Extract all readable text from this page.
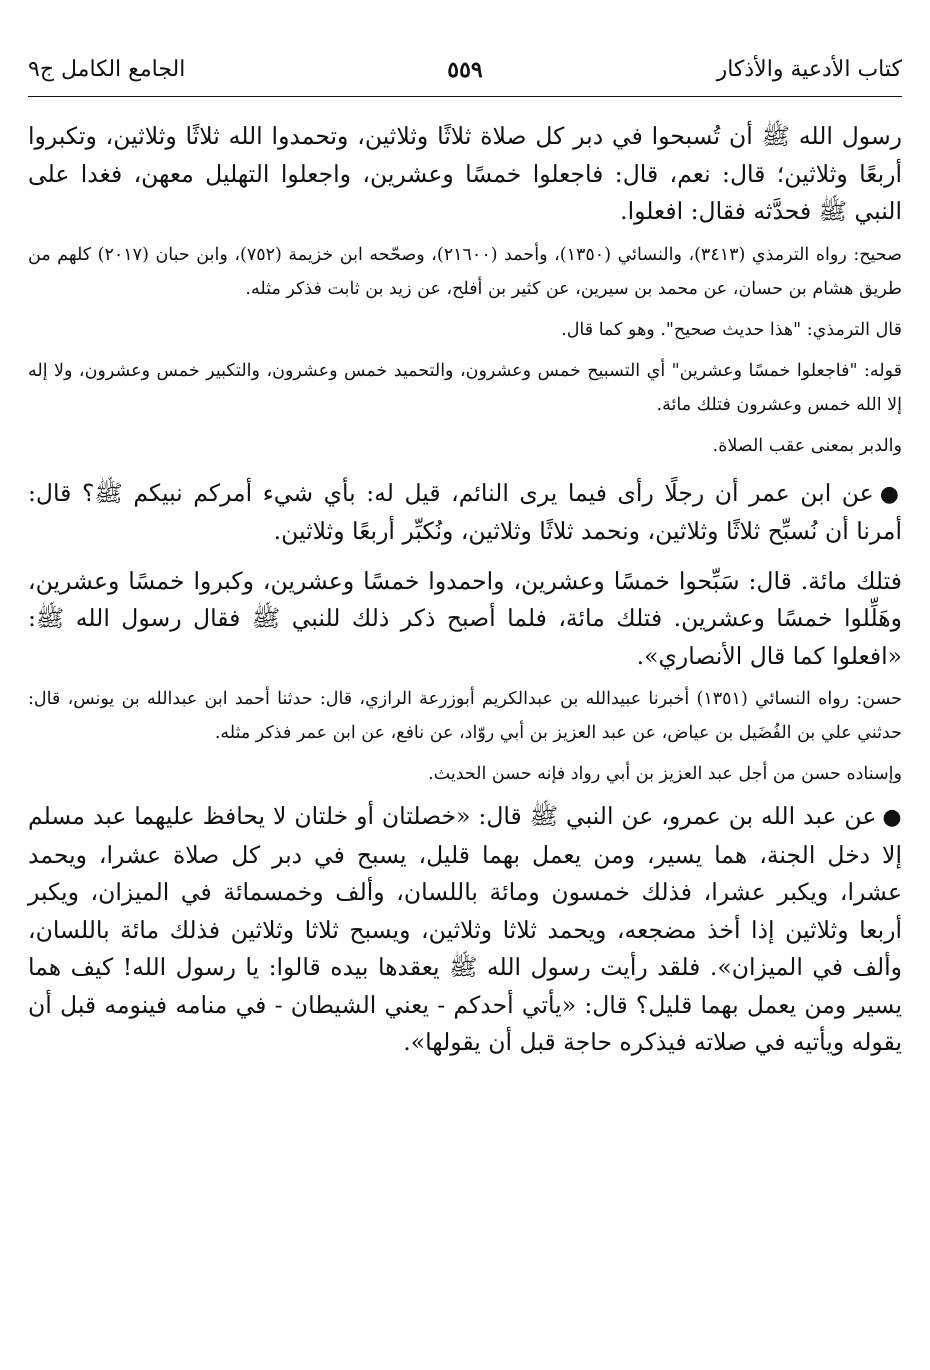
كتاب الأدعية والأذكار
٥٥٩
الجامع الكامل ج٩

رسول الله ﷺ أن تُسبحوا في دبر كل صلاة ثلاثًا وثلاثين، وتحمدوا الله ثلاثًا وثلاثين، وتكبروا أربعًا وثلاثين؛ قال: نعم، قال: فاجعلوا خمسًا وعشرين، واجعلوا التهليل معهن، فغدا على النبي ﷺ فحدَّثه فقال: افعلوا.

صحيح: رواه الترمذي (٣٤١٣)، والنسائي (١٣٥٠)، وأحمد (٢١٦٠٠)، وصحّحه ابن خزيمة (٧٥٢)، وابن حبان (٢٠١٧) كلهم من طريق هشام بن حسان، عن محمد بن سيرين، عن كثير بن أفلح، عن زيد بن ثابت فذكر مثله.

قال الترمذي: "هذا حديث صحيح". وهو كما قال.

قوله: "فاجعلوا خمسًا وعشرين" أي التسبيح خمس وعشرون، والتحميد خمس وعشرون، والتكبير خمس وعشرون، ولا إله إلا الله خمس وعشرون فتلك مائة.

والدبر بمعنى عقب الصلاة.

●عن ابن عمر أن رجلًا رأى فيما يرى النائم، قيل له: بأي شيء أمركم نبيكم ﷺ؟ قال: أمرنا أن نُسبِّح ثلاثًا وثلاثين، ونحمد ثلاثًا وثلاثين، ونُكبِّر أربعًا وثلاثين.

فتلك مائة. قال: سَبِّحوا خمسًا وعشرين، واحمدوا خمسًا وعشرين، وكبروا خمسًا وعشرين، وهَلِّلوا خمسًا وعشرين. فتلك مائة، فلما أصبح ذكر ذلك للنبي ﷺ فقال رسول الله ﷺ: «افعلوا كما قال الأنصاري».

حسن: رواه النسائي (١٣٥١) أخبرنا عبيدالله بن عبدالكريم أبوزرعة الرازي، قال: حدثنا أحمد ابن عبدالله بن يونس، قال: حدثني علي بن الفُضَيل بن عياض، عن عبد العزيز بن أبي روّاد، عن نافع، عن ابن عمر فذكر مثله.

وإسناده حسن من أجل عبد العزيز بن أبي رواد فإنه حسن الحديث.

●عن عبد الله بن عمرو، عن النبي ﷺ قال: «خصلتان أو خلتان لا يحافظ عليهما عبد مسلم إلا دخل الجنة، هما يسير، ومن يعمل بهما قليل، يسبح في دبر كل صلاة عشرا، ويحمد عشرا، ويكبر عشرا، فذلك خمسون ومائة باللسان، وألف وخمسمائة في الميزان، ويكبر أربعا وثلاثين إذا أخذ مضجعه، ويحمد ثلاثا وثلاثين، ويسبح ثلاثا وثلاثين فذلك مائة باللسان، وألف في الميزان». فلقد رأيت رسول الله ﷺ يعقدها بيده قالوا: يا رسول الله! كيف هما يسير ومن يعمل بهما قليل؟ قال: «يأتي أحدكم - يعني الشيطان - في منامه فينومه قبل أن يقوله ويأتيه في صلاته فيذكره حاجة قبل أن يقولها».
